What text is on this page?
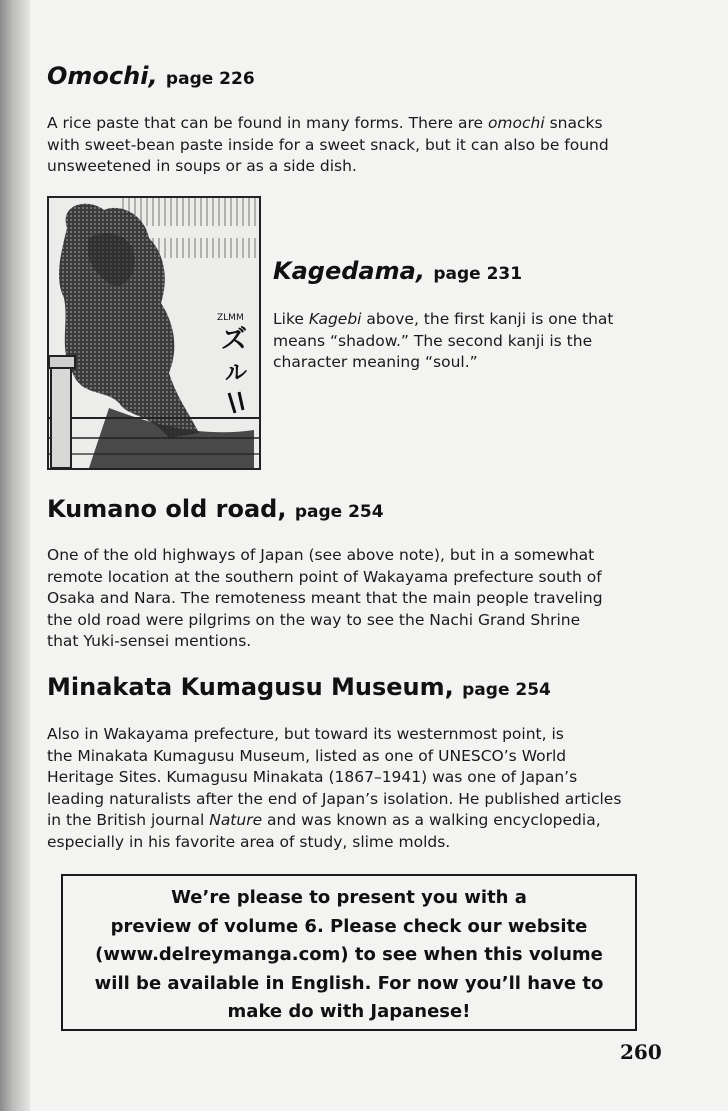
Omochi, page 226

A rice paste that can be found in many forms. There are omochi snacks
with sweet-bean paste inside for a sweet snack, but it can also be found
unsweetened in soups or as a side dish.

ZLMM
ズ
ル
Kagedama, page 231

Like Kagebi above, the first kanji is one that
means “shadow.” The second kanji is the
character meaning “soul.”

Kumano old road, page 254

One of the old highways of Japan (see above note), but in a somewhat
remote location at the southern point of Wakayama prefecture south of
Osaka and Nara. The remoteness meant that the main people traveling
the old road were pilgrims on the way to see the Nachi Grand Shrine
that Yuki-sensei mentions.

Minakata Kumagusu Museum, page 254

Also in Wakayama prefecture, but toward its westernmost point, is
the Minakata Kumagusu Museum, listed as one of UNESCO’s World
Heritage Sites. Kumagusu Minakata (1867–1941) was one of Japan’s
leading naturalists after the end of Japan’s isolation. He published articles
in the British journal Nature and was known as a walking encyclopedia,
especially in his favorite area of study, slime molds.

We’re please to present you with a
preview of volume 6. Please check our website
(www.delreymanga.com) to see when this volume
will be available in English. For now you’ll have to
make do with Japanese!
260
